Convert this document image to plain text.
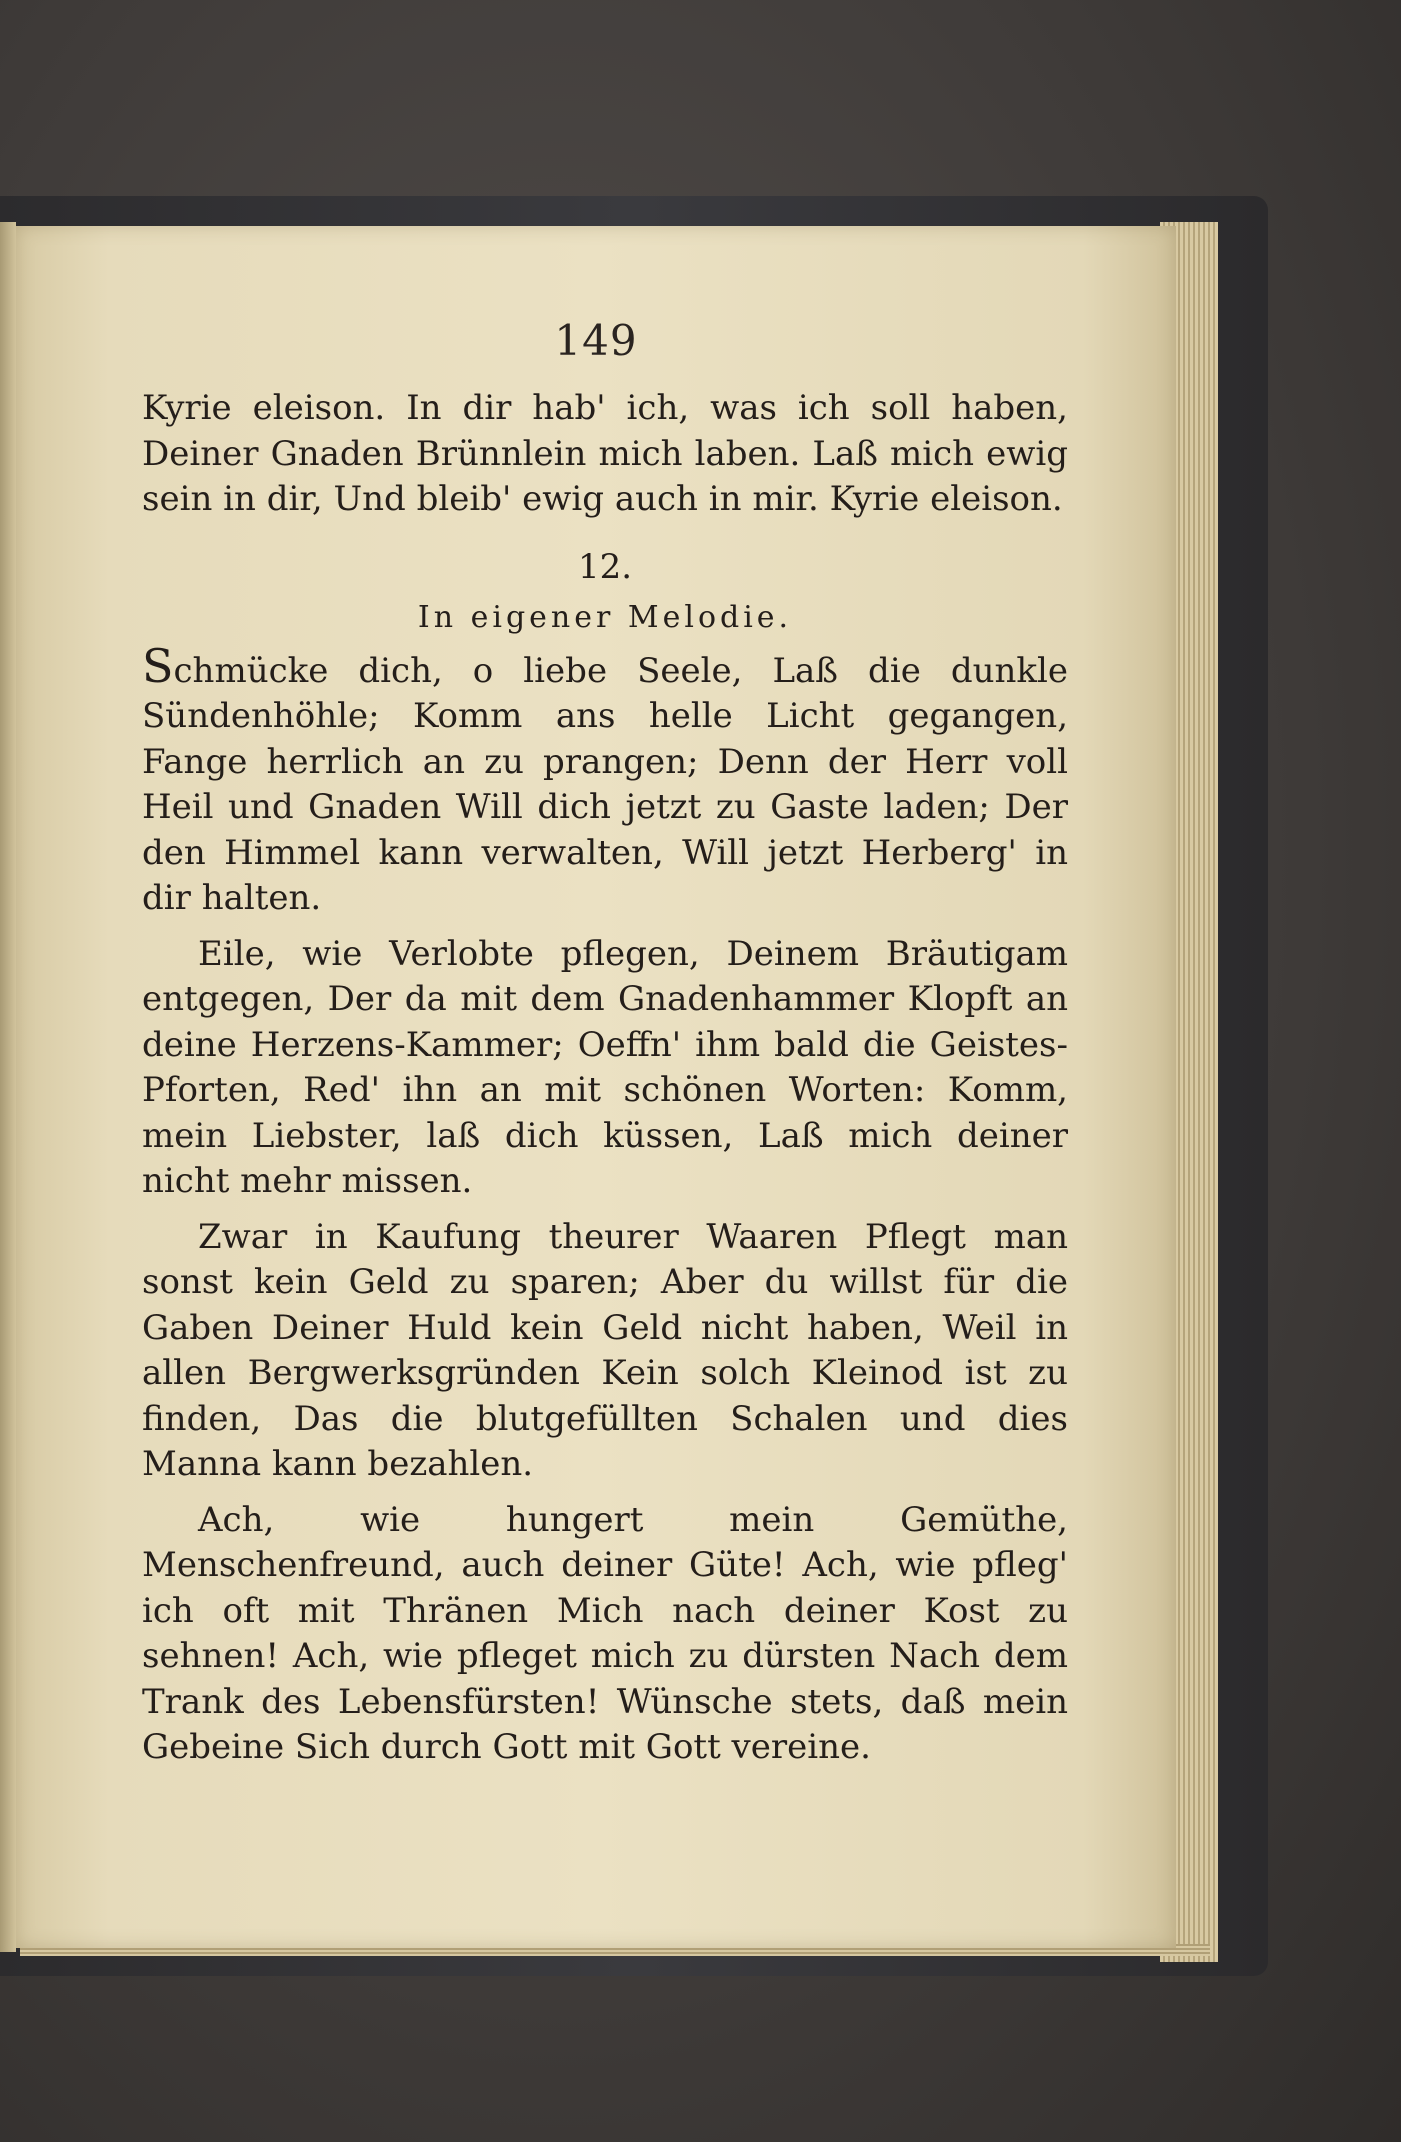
149

Kyrie eleison. In dir hab' ich, was ich soll haben, Deiner Gnaden Brünnlein mich laben. Laß mich ewig sein in dir, Und bleib' ewig auch in mir. Kyrie eleison.

12.
In eigener Melodie.

Schmücke dich, o liebe Seele, Laß die dunkle Sündenhöhle; Komm ans helle Licht gegangen, Fange herrlich an zu prangen; Denn der Herr voll Heil und Gnaden Will dich jetzt zu Gaste laden; Der den Himmel kann verwalten, Will jetzt Herberg' in dir halten.

Eile, wie Verlobte pflegen, Deinem Bräutigam entgegen, Der da mit dem Gnadenhammer Klopft an deine Herzens-Kammer; Oeffn' ihm bald die Geistes-Pforten, Red' ihn an mit schönen Worten: Komm, mein Liebster, laß dich küssen, Laß mich deiner nicht mehr missen.

Zwar in Kaufung theurer Waaren Pflegt man sonst kein Geld zu sparen; Aber du willst für die Gaben Deiner Huld kein Geld nicht haben, Weil in allen Bergwerksgründen Kein solch Kleinod ist zu finden, Das die blutgefüllten Schalen und dies Manna kann bezahlen.

Ach, wie hungert mein Gemüthe, Menschenfreund, auch deiner Güte! Ach, wie pfleg' ich oft mit Thränen Mich nach deiner Kost zu sehnen! Ach, wie pfleget mich zu dürsten Nach dem Trank des Lebensfürsten! Wünsche stets, daß mein Gebeine Sich durch Gott mit Gott vereine.
